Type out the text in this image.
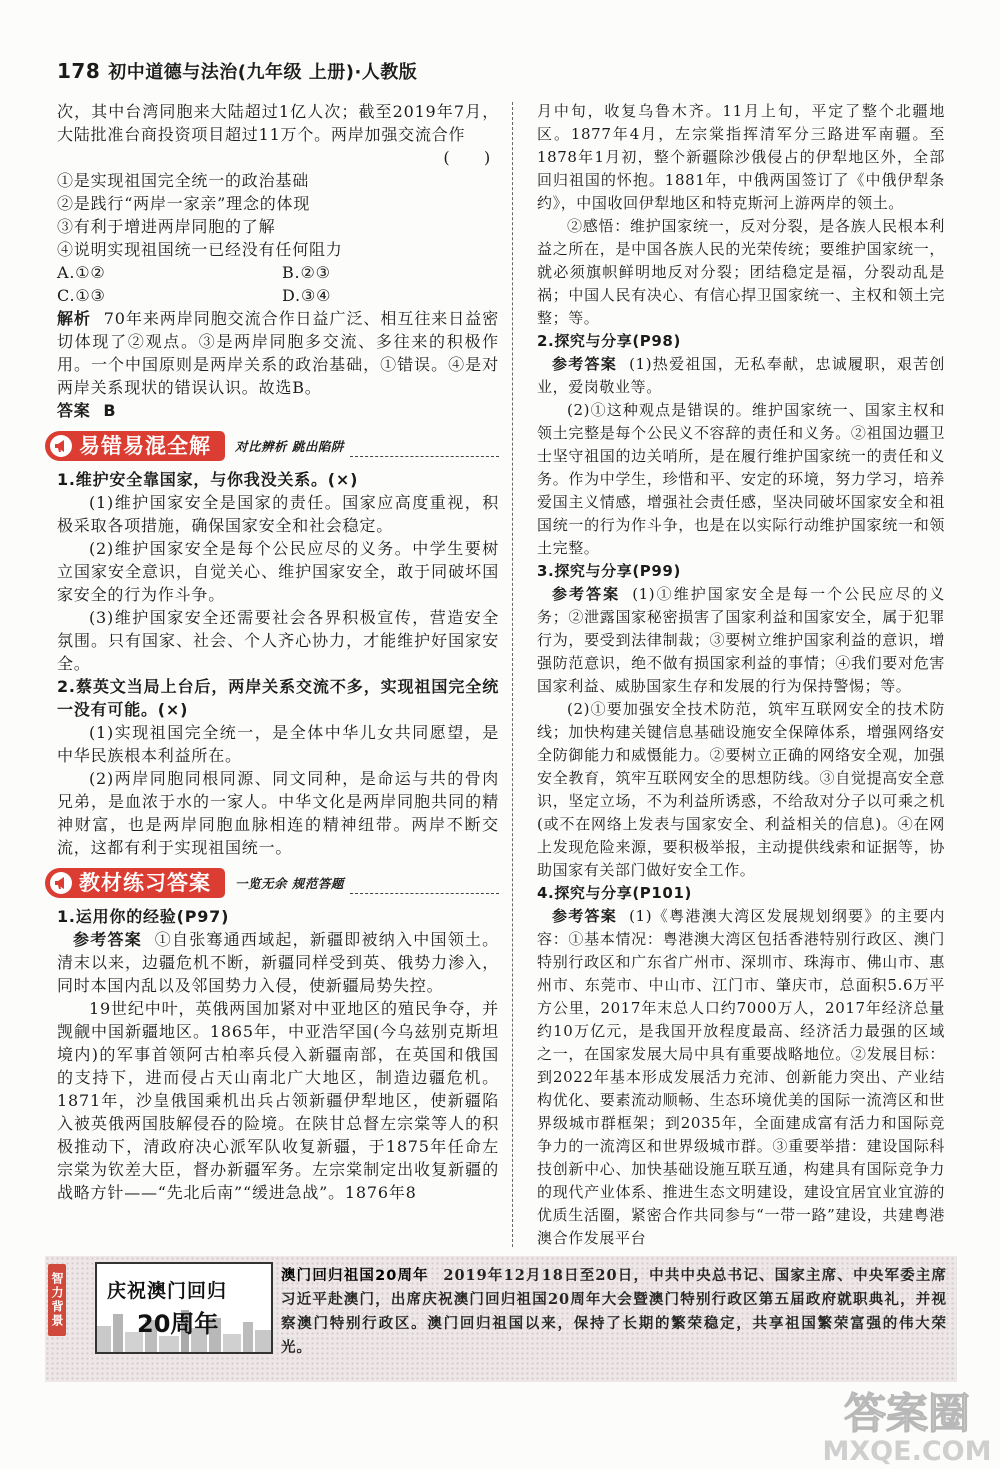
178 初中道德与法治(九年级 上册)·人教版

次，其中台湾同胞来大陆超过1亿人次；截至2019年7月，大陆批准台商投资项目超过11万个。两岸加强交流合作

(　　)

①是实现祖国完全统一的政治基础

②是践行“两岸一家亲”理念的体现

③有利于增进两岸同胞的了解

④说明实现祖国统一已经没有任何阻力

A.①②	B.②③
C.①③	D.③④

解析 70年来两岸同胞交流合作日益广泛、相互往来日益密切体现了②观点。③是两岸同胞多交流、多往来的积极作用。一个中国原则是两岸关系的政治基础，①错误。④是对两岸关系现状的错误认识。故选B。

答案 B

易错易混全解 对比辨析 跳出陷阱

1.维护安全靠国家，与你我没关系。(×)

(1)维护国家安全是国家的责任。国家应高度重视，积极采取各项措施，确保国家安全和社会稳定。

(2)维护国家安全是每个公民应尽的义务。中学生要树立国家安全意识，自觉关心、维护国家安全，敢于同破坏国家安全的行为作斗争。

(3)维护国家安全还需要社会各界积极宣传，营造安全氛围。只有国家、社会、个人齐心协力，才能维护好国家安全。

2.蔡英文当局上台后，两岸关系交流不多，实现祖国完全统一没有可能。(×)

(1)实现祖国完全统一，是全体中华儿女共同愿望，是中华民族根本利益所在。

(2)两岸同胞同根同源、同文同种，是命运与共的骨肉兄弟，是血浓于水的一家人。中华文化是两岸同胞共同的精神财富，也是两岸同胞血脉相连的精神纽带。两岸不断交流，这都有利于实现祖国统一。

教材练习答案 一览无余 规范答题

1.运用你的经验(P97)

参考答案 ①自张骞通西域起，新疆即被纳入中国领土。清末以来，边疆危机不断，新疆同样受到英、俄势力渗入，同时本国内乱以及邻国势力入侵，使新疆局势失控。

19世纪中叶，英俄两国加紧对中亚地区的殖民争夺，并觊觎中国新疆地区。1865年，中亚浩罕国(今乌兹别克斯坦境内)的军事首领阿古柏率兵侵入新疆南部，在英国和俄国的支持下，进而侵占天山南北广大地区，制造边疆危机。1871年，沙皇俄国乘机出兵占领新疆伊犁地区，使新疆陷入被英俄两国肢解侵吞的险境。在陕甘总督左宗棠等人的积极推动下，清政府决心派军队收复新疆，于1875年任命左宗棠为钦差大臣，督办新疆军务。左宗棠制定出收复新疆的战略方针——“先北后南”“缓进急战”。1876年8

月中旬，收复乌鲁木齐。11月上旬，平定了整个北疆地区。1877年4月，左宗棠指挥清军分三路进军南疆。至1878年1月初，整个新疆除沙俄侵占的伊犁地区外，全部回归祖国的怀抱。1881年，中俄两国签订了《中俄伊犁条约》，中国收回伊犁地区和特克斯河上游两岸的领土。

②感悟：维护国家统一，反对分裂，是各族人民根本利益之所在，是中国各族人民的光荣传统；要维护国家统一，就必须旗帜鲜明地反对分裂；团结稳定是福，分裂动乱是祸；中国人民有决心、有信心捍卫国家统一、主权和领土完整；等。

2.探究与分享(P98)

参考答案 (1)热爱祖国，无私奉献，忠诚履职，艰苦创业，爱岗敬业等。

(2)①这种观点是错误的。维护国家统一、国家主权和领土完整是每个公民义不容辞的责任和义务。②祖国边疆卫士坚守祖国的边关哨所，是在履行维护国家统一的责任和义务。作为中学生，珍惜和平、安定的环境，努力学习，培养爱国主义情感，增强社会责任感，坚决同破坏国家安全和祖国统一的行为作斗争，也是在以实际行动维护国家统一和领土完整。

3.探究与分享(P99)

参考答案 (1)①维护国家安全是每一个公民应尽的义务；②泄露国家秘密损害了国家利益和国家安全，属于犯罪行为，要受到法律制裁；③要树立维护国家利益的意识，增强防范意识，绝不做有损国家利益的事情；④我们要对危害国家利益、威胁国家生存和发展的行为保持警惕；等。

(2)①要加强安全技术防范，筑牢互联网安全的技术防线；加快构建关键信息基础设施安全保障体系，增强网络安全防御能力和威慑能力。②要树立正确的网络安全观，加强安全教育，筑牢互联网安全的思想防线。③自觉提高安全意识，坚定立场，不为利益所诱惑，不给敌对分子以可乘之机(或不在网络上发表与国家安全、利益相关的信息)。④在网上发现危险来源，要积极举报，主动提供线索和证据等，协助国家有关部门做好安全工作。

4.探究与分享(P101)

参考答案 (1)《粤港澳大湾区发展规划纲要》的主要内容：①基本情况：粤港澳大湾区包括香港特别行政区、澳门特别行政区和广东省广州市、深圳市、珠海市、佛山市、惠州市、东莞市、中山市、江门市、肇庆市，总面积5.6万平方公里，2017年末总人口约7000万人，2017年经济总量约10万亿元，是我国开放程度最高、经济活力最强的区域之一，在国家发展大局中具有重要战略地位。②发展目标：到2022年基本形成发展活力充沛、创新能力突出、产业结构优化、要素流动顺畅、生态环境优美的国际一流湾区和世界级城市群框架；到2035年，全面建成富有活力和国际竞争力的一流湾区和世界级城市群。③重要举措：建设国际科技创新中心、加快基础设施互联互通，构建具有国际竞争力的现代产业体系、推进生态文明建设，建设宜居宜业宜游的优质生活圈，紧密合作共同参与“一带一路”建设，共建粤港澳合作发展平台

智力背景 庆祝澳门回归
20周年

澳门回归祖国20周年 2019年12月18日至20日，中共中央总书记、国家主席、中央军委主席习近平赴澳门，出席庆祝澳门回归祖国20周年大会暨澳门特别行政区第五届政府就职典礼，并视察澳门特别行政区。澳门回归祖国以来，保持了长期的繁荣稳定，共享祖国繁荣富强的伟大荣光。

答案圈
MXQE.COM
